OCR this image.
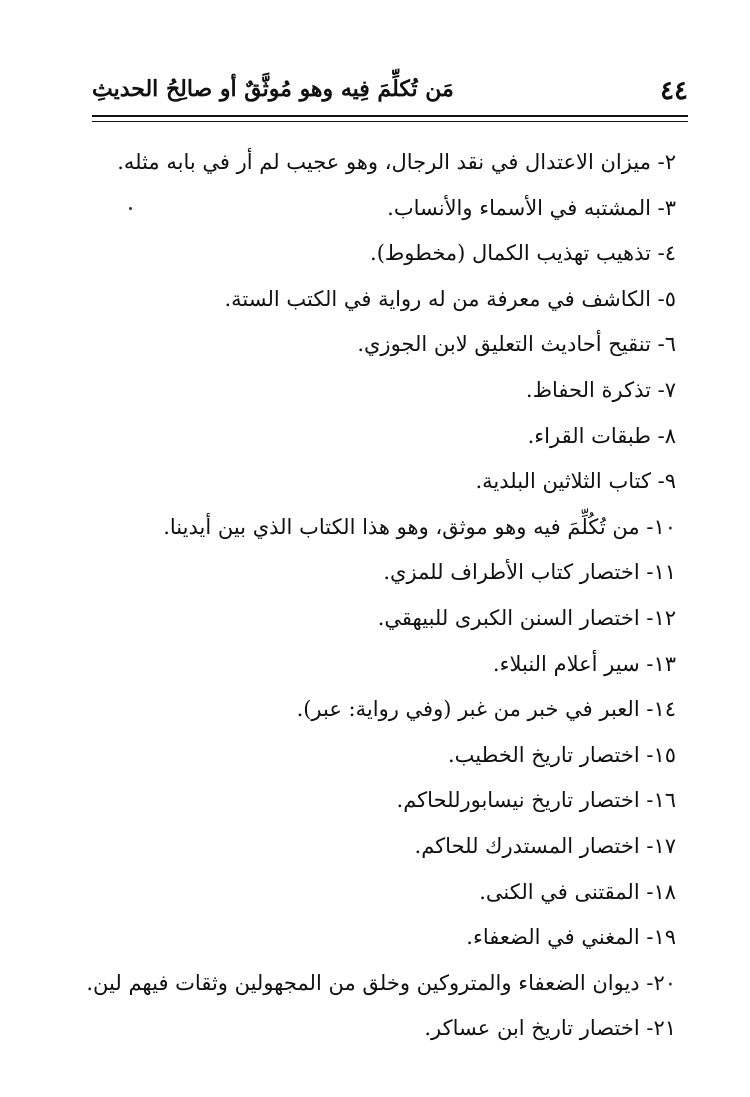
٤٤
مَن تُكلِّمَ فِيه وهو مُوثَّقٌ أو صالِحُ الحديثِ
٢- ميزان الاعتدال في نقد الرجال، وهو عجيب لم أر في بابه مثله.
٣- المشتبه في الأسماء والأنساب.
٤- تذهيب تهذيب الكمال (مخطوط).
٥- الكاشف في معرفة من له رواية في الكتب الستة.
٦- تنقيح أحاديث التعليق لابن الجوزي.
٧- تذكرة الحفاظ.
٨- طبقات القراء.
٩- كتاب الثلاثين البلدية.
١٠- من تُكُلِّمَ فيه وهو موثق، وهو هذا الكتاب الذي بين أيدينا.
١١- اختصار كتاب الأطراف للمزي.
١٢- اختصار السنن الكبرى للبيهقي.
١٣- سير أعلام النبلاء.
١٤- العبر في خبر من غبر (وفي رواية: عبر).
١٥- اختصار تاريخ الخطيب.
١٦- اختصار تاريخ نيسابورللحاكم.
١٧- اختصار المستدرك للحاكم.
١٨- المقتنى في الكنى.
١٩- المغني في الضعفاء.
٢٠- ديوان الضعفاء والمتروكين وخلق من المجهولين وثقات فيهم لين.
٢١- اختصار تاريخ ابن عساكر.
